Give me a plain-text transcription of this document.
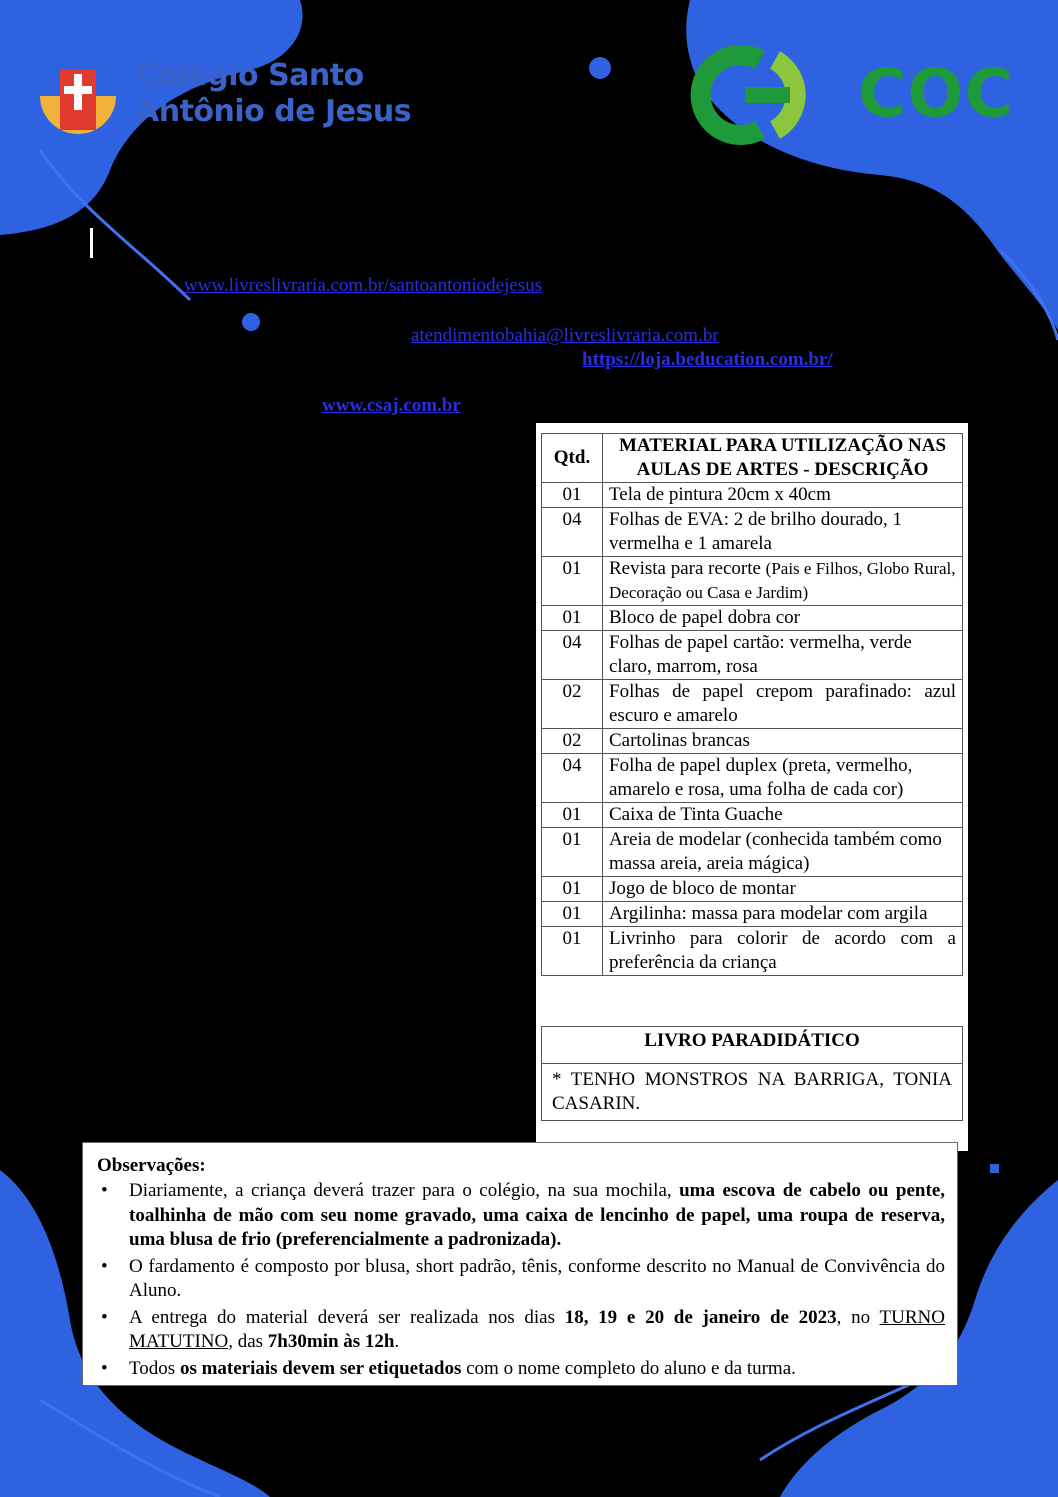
Colégio Santo
Antônio de Jesus	COC
www.livreslivraria.com.br/santoantoniodejesus
atendimentobahia@livreslivraria.com.br
https://loja.beducation.com.br/
www.csaj.com.br
Qtd.	MATERIAL PARA UTILIZAÇÃO NAS AULAS DE ARTES - DESCRIÇÃO
01	Tela de pintura 20cm x 40cm
04	Folhas de EVA: 2 de brilho dourado, 1 vermelha e 1 amarela
01	Revista para recorte (Pais e Filhos, Globo Rural, Decoração ou Casa e Jardim)
01	Bloco de papel dobra cor
04	Folhas de papel cartão: vermelha, verde claro, marrom, rosa
02	Folhas de papel crepom parafinado: azul escuro e amarelo
02	Cartolinas brancas
04	Folha de papel duplex (preta, vermelho, amarelo e rosa, uma folha de cada cor)
01	Caixa de Tinta Guache
01	Areia de modelar (conhecida também como massa areia, areia mágica)
01	Jogo de bloco de montar
01	Argilinha: massa para modelar com argila
01	Livrinho para colorir de acordo com a preferência da criança
LIVRO PARADIDÁTICO
* TENHO MONSTROS NA BARRIGA, TONIA CASARIN.
Observações:
• Diariamente, a criança deverá trazer para o colégio, na sua mochila, uma escova de cabelo ou pente, toalhinha de mão com seu nome gravado, uma caixa de lencinho de papel, uma roupa de reserva, uma blusa de frio (preferencialmente a padronizada).
• O fardamento é composto por blusa, short padrão, tênis, conforme descrito no Manual de Convivência do Aluno.
• A entrega do material deverá ser realizada nos dias 18, 19 e 20 de janeiro de 2023, no TURNO MATUTINO, das 7h30min às 12h.
• Todos os materiais devem ser etiquetados com o nome completo do aluno e da turma.
